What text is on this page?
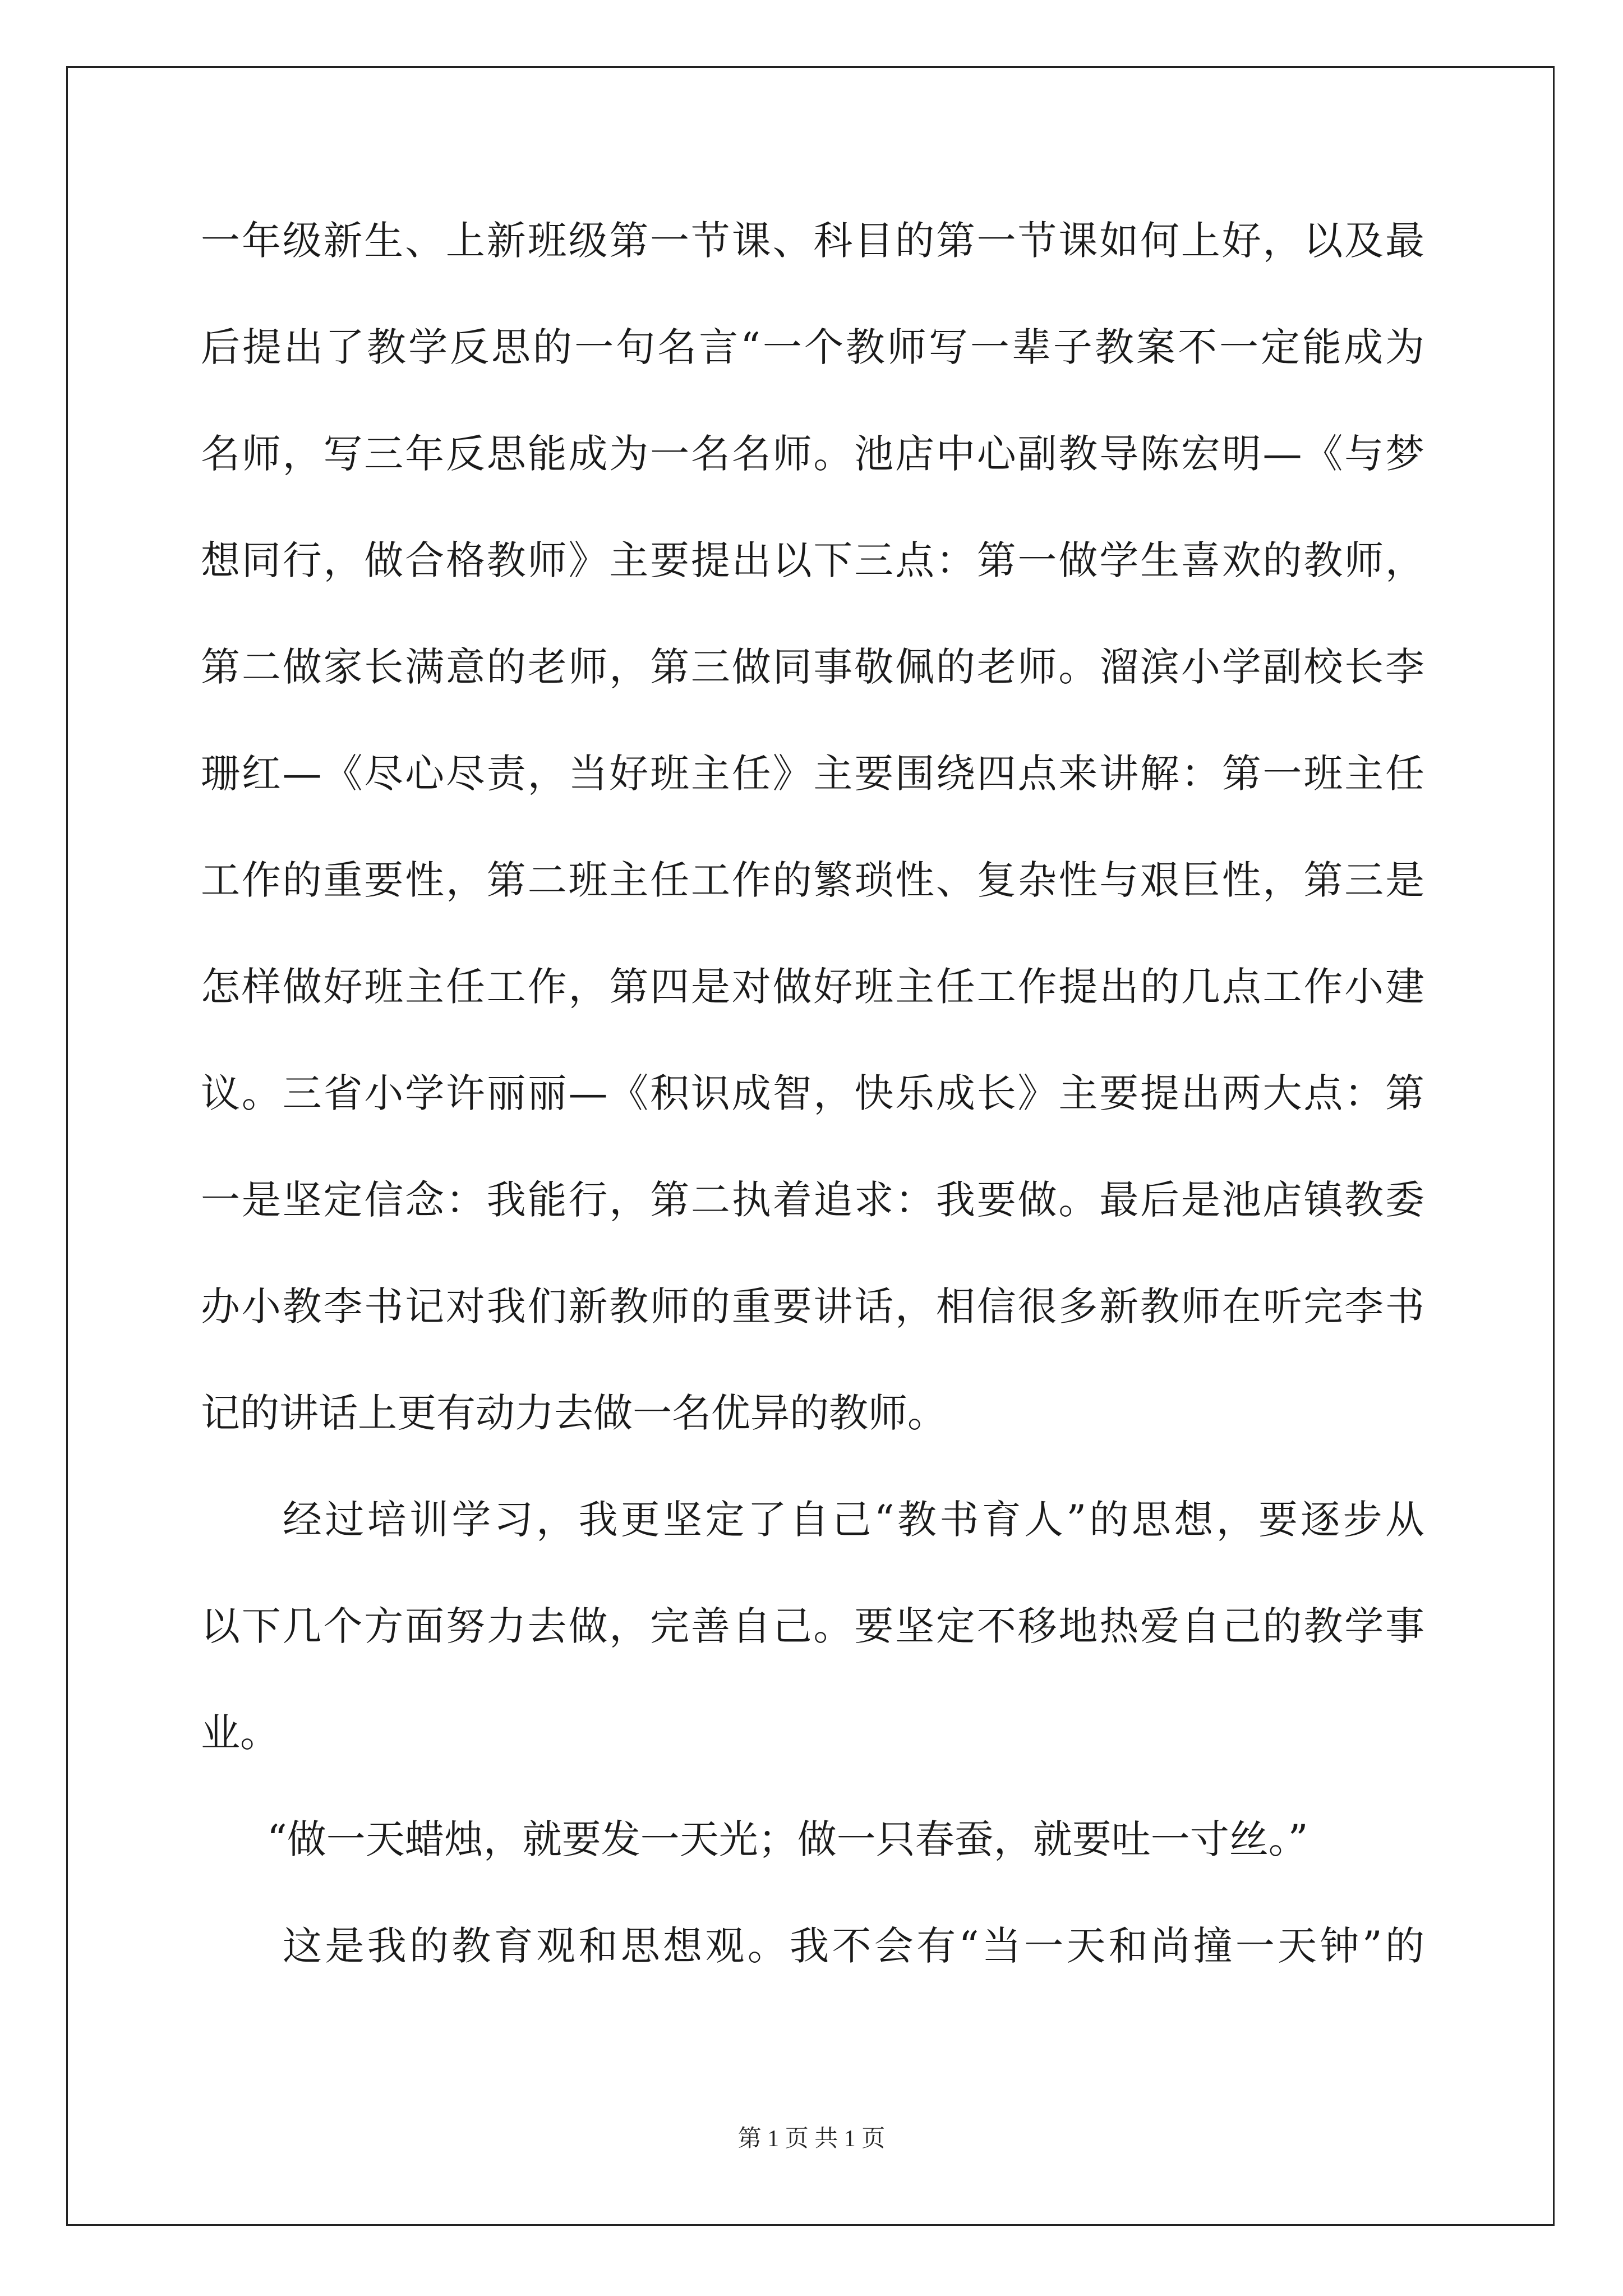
一年级新生、上新班级第一节课、科目的第一节课如何上好，以及最
后提出了教学反思的一句名言“一个教师写一辈子教案不一定能成为
名师，写三年反思能成为一名名师。池店中心副教导陈宏明—《与梦
想同行，做合格教师》主要提出以下三点：第一做学生喜欢的教师，
第二做家长满意的老师，第三做同事敬佩的老师。溜滨小学副校长李
珊红—《尽心尽责，当好班主任》主要围绕四点来讲解：第一班主任
工作的重要性，第二班主任工作的繁琐性、复杂性与艰巨性，第三是
怎样做好班主任工作，第四是对做好班主任工作提出的几点工作小建
议。三省小学许丽丽—《积识成智，快乐成长》主要提出两大点：第
一是坚定信念：我能行，第二执着追求：我要做。最后是池店镇教委
办小教李书记对我们新教师的重要讲话，相信很多新教师在听完李书
记的讲话上更有动力去做一名优异的教师。
经过培训学习，我更坚定了自己“教书育人”的思想，要逐步从
以下几个方面努力去做，完善自己。要坚定不移地热爱自己的教学事
业。
“做一天蜡烛，就要发一天光；做一只春蚕，就要吐一寸丝。”
这是我的教育观和思想观。我不会有“当一天和尚撞一天钟”的
第 1 页 共 1 页
